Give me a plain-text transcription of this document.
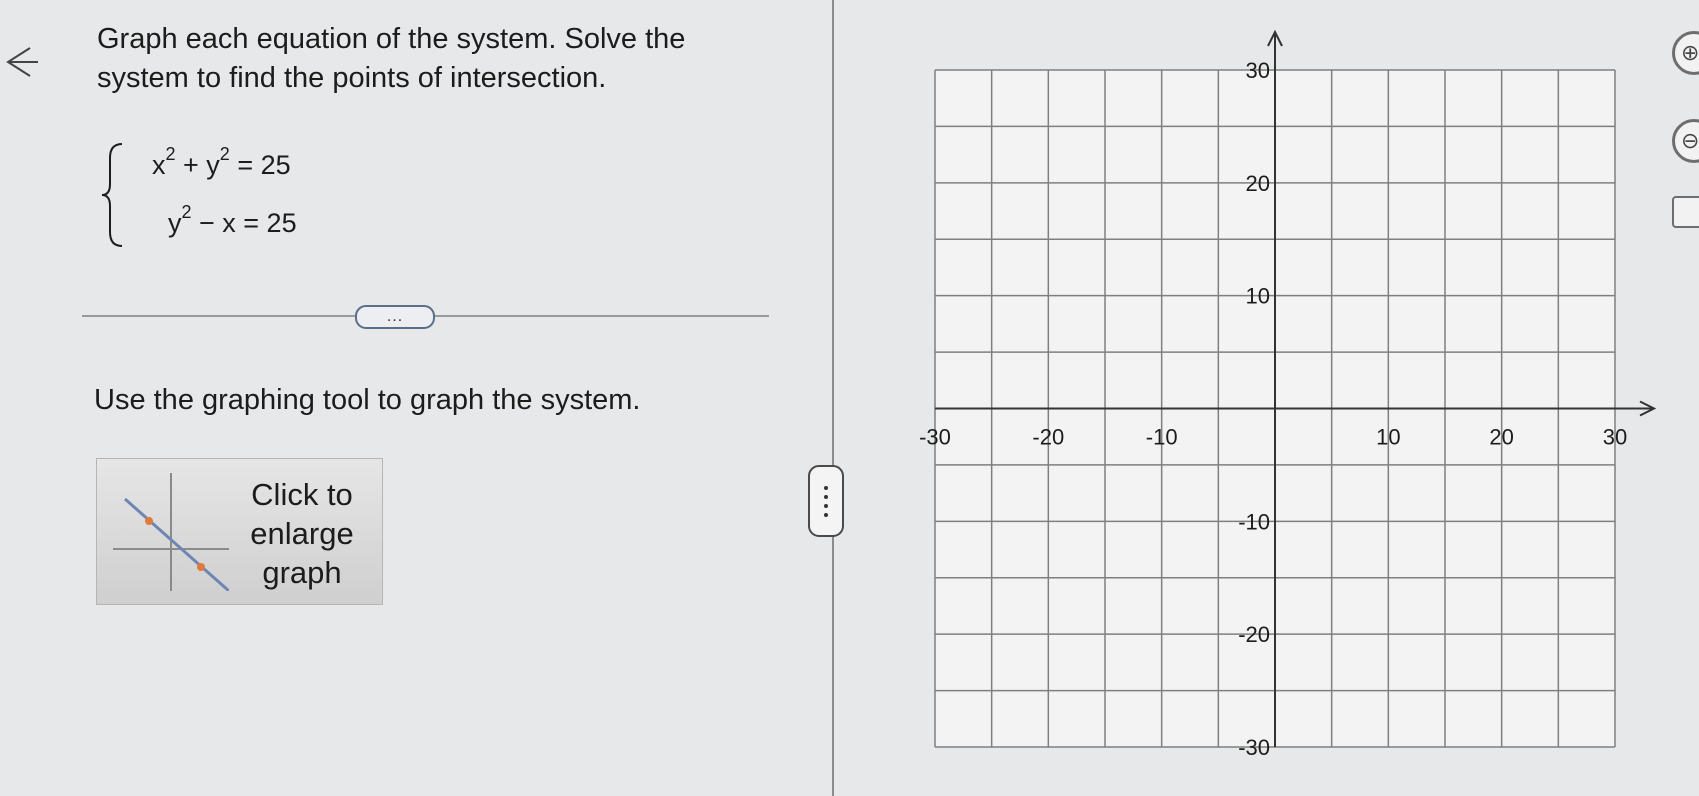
Graph each equation of the system. Solve the system to find the points of intersection.

$x^2 + y^2 = 25$
$y^2 - x = 25$
...

Use the graphing tool to graph the system.

Click to
enlarge
graph
-30	-20	-10	10	20	30
30
20
10
-10
-20
-30
⊕
⊖
